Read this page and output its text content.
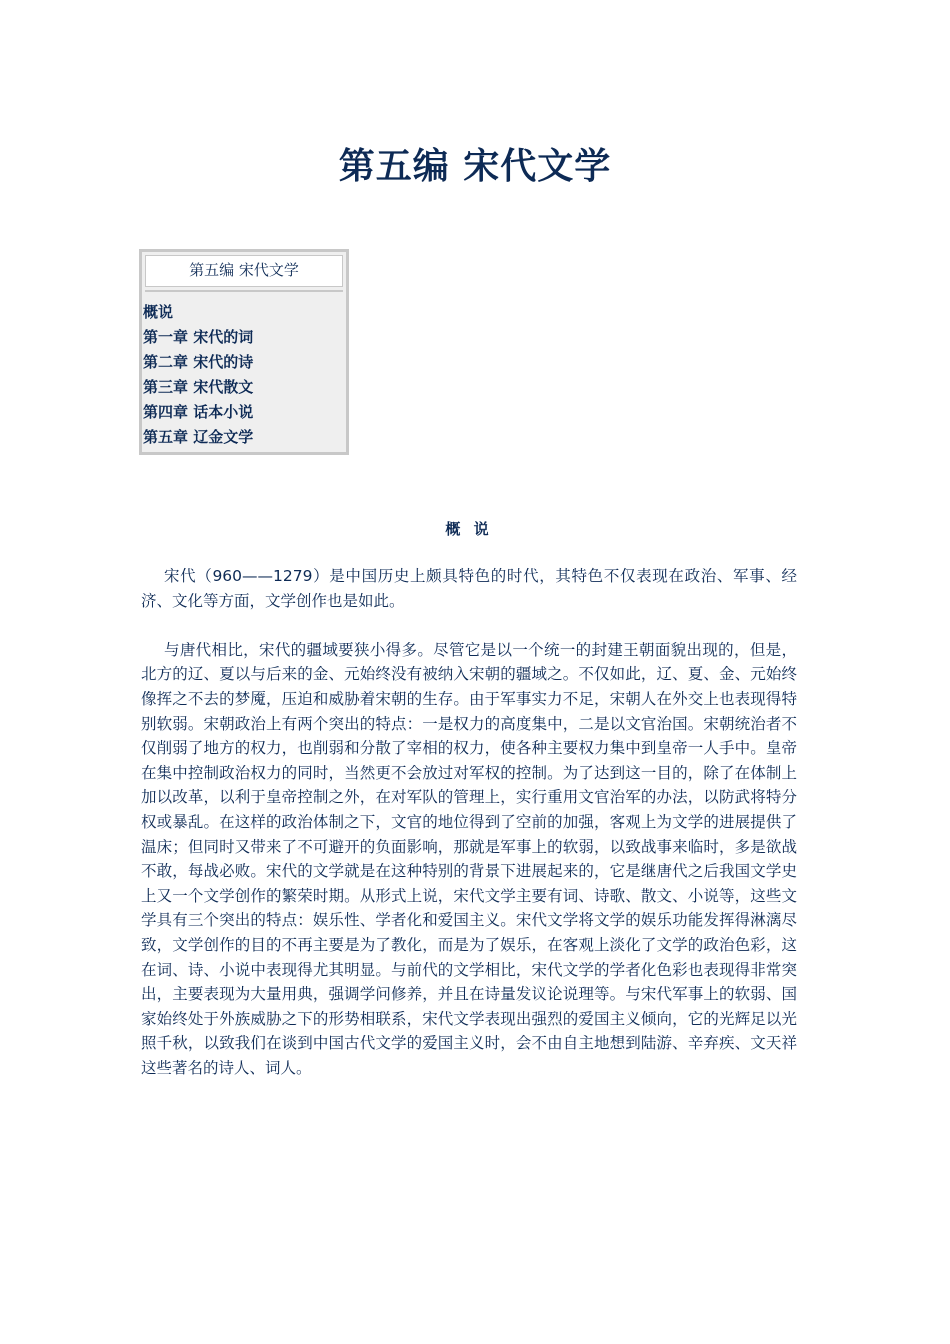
第五编 宋代文学
第五编 宋代文学
概说
第一章 宋代的词
第二章 宋代的诗
第三章 宋代散文
第四章 话本小说
第五章 辽金文学
概 说

宋代（960——1279）是中国历史上颇具特色的时代，其特色不仅表现在政治、军事、经济、文化等方面，文学创作也是如此。

与唐代相比，宋代的疆域要狭小得多。尽管它是以一个统一的封建王朝面貌出现的，但是，北方的辽、夏以与后来的金、元始终没有被纳入宋朝的疆域之。不仅如此，辽、夏、金、元始终像挥之不去的梦魇，压迫和威胁着宋朝的生存。由于军事实力不足，宋朝人在外交上也表现得特别软弱。宋朝政治上有两个突出的特点：一是权力的高度集中，二是以文官治国。宋朝统治者不仅削弱了地方的权力，也削弱和分散了宰相的权力，使各种主要权力集中到皇帝一人手中。皇帝在集中控制政治权力的同时，当然更不会放过对军权的控制。为了达到这一目的，除了在体制上加以改革，以利于皇帝控制之外，在对军队的管理上，实行重用文官治军的办法，以防武将特分权或暴乱。在这样的政治体制之下，文官的地位得到了空前的加强，客观上为文学的进展提供了温床；但同时又带来了不可避开的负面影响，那就是军事上的软弱，以致战事来临时，多是欲战不敢，每战必败。宋代的文学就是在这种特别的背景下进展起来的，它是继唐代之后我国文学史上又一个文学创作的繁荣时期。从形式上说，宋代文学主要有词、诗歌、散文、小说等，这些文学具有三个突出的特点：娱乐性、学者化和爱国主义。宋代文学将文学的娱乐功能发挥得淋漓尽致，文学创作的目的不再主要是为了教化，而是为了娱乐，在客观上淡化了文学的政治色彩，这在词、诗、小说中表现得尤其明显。与前代的文学相比，宋代文学的学者化色彩也表现得非常突出，主要表现为大量用典，强调学问修养，并且在诗量发议论说理等。与宋代军事上的软弱、国家始终处于外族威胁之下的形势相联系，宋代文学表现出强烈的爱国主义倾向，它的光辉足以光照千秋，以致我们在谈到中国古代文学的爱国主义时，会不由自主地想到陆游、辛弃疾、文天祥这些著名的诗人、词人。
